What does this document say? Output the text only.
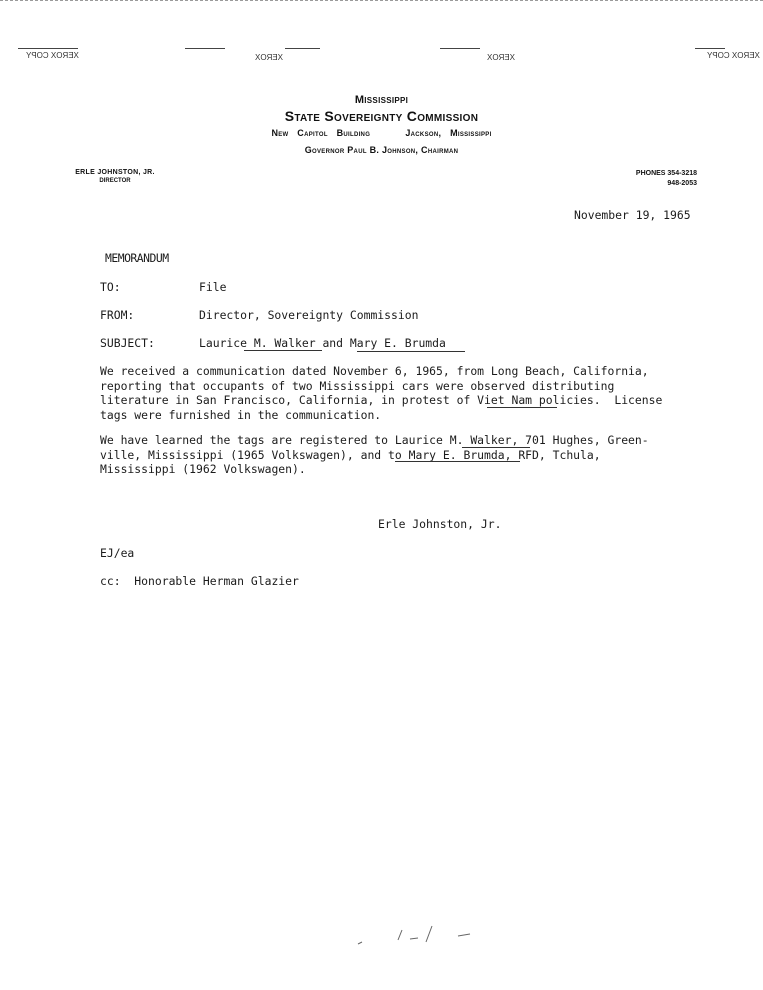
XEROX COPY	XEROX	XEROX	XEROX COPY
Mississippi
State Sovereignty Commission
New Capitol Building    Jackson, Mississippi
Governor Paul B. Johnson, Chairman
ERLE JOHNSTON, JR.
DIRECTOR
PHONES 354-3218
948-2053
November 19, 1965
MEMORANDUM
TO:	File
FROM:	Director, Sovereignty Commission
SUBJECT:	Laurice M. Walker and Mary E. Brumda
We received a communication dated November 6, 1965, from Long Beach, California,
reporting that occupants of two Mississippi cars were observed distributing
literature in San Francisco, California, in protest of Viet Nam policies.  License
tags were furnished in the communication.
We have learned the tags are registered to Laurice M. Walker, 701 Hughes, Green-
ville, Mississippi (1965 Volkswagen), and to Mary E. Brumda, RFD, Tchula,
Mississippi (1962 Volkswagen).
Erle Johnston, Jr.
EJ/ea
cc:  Honorable Herman Glazier
